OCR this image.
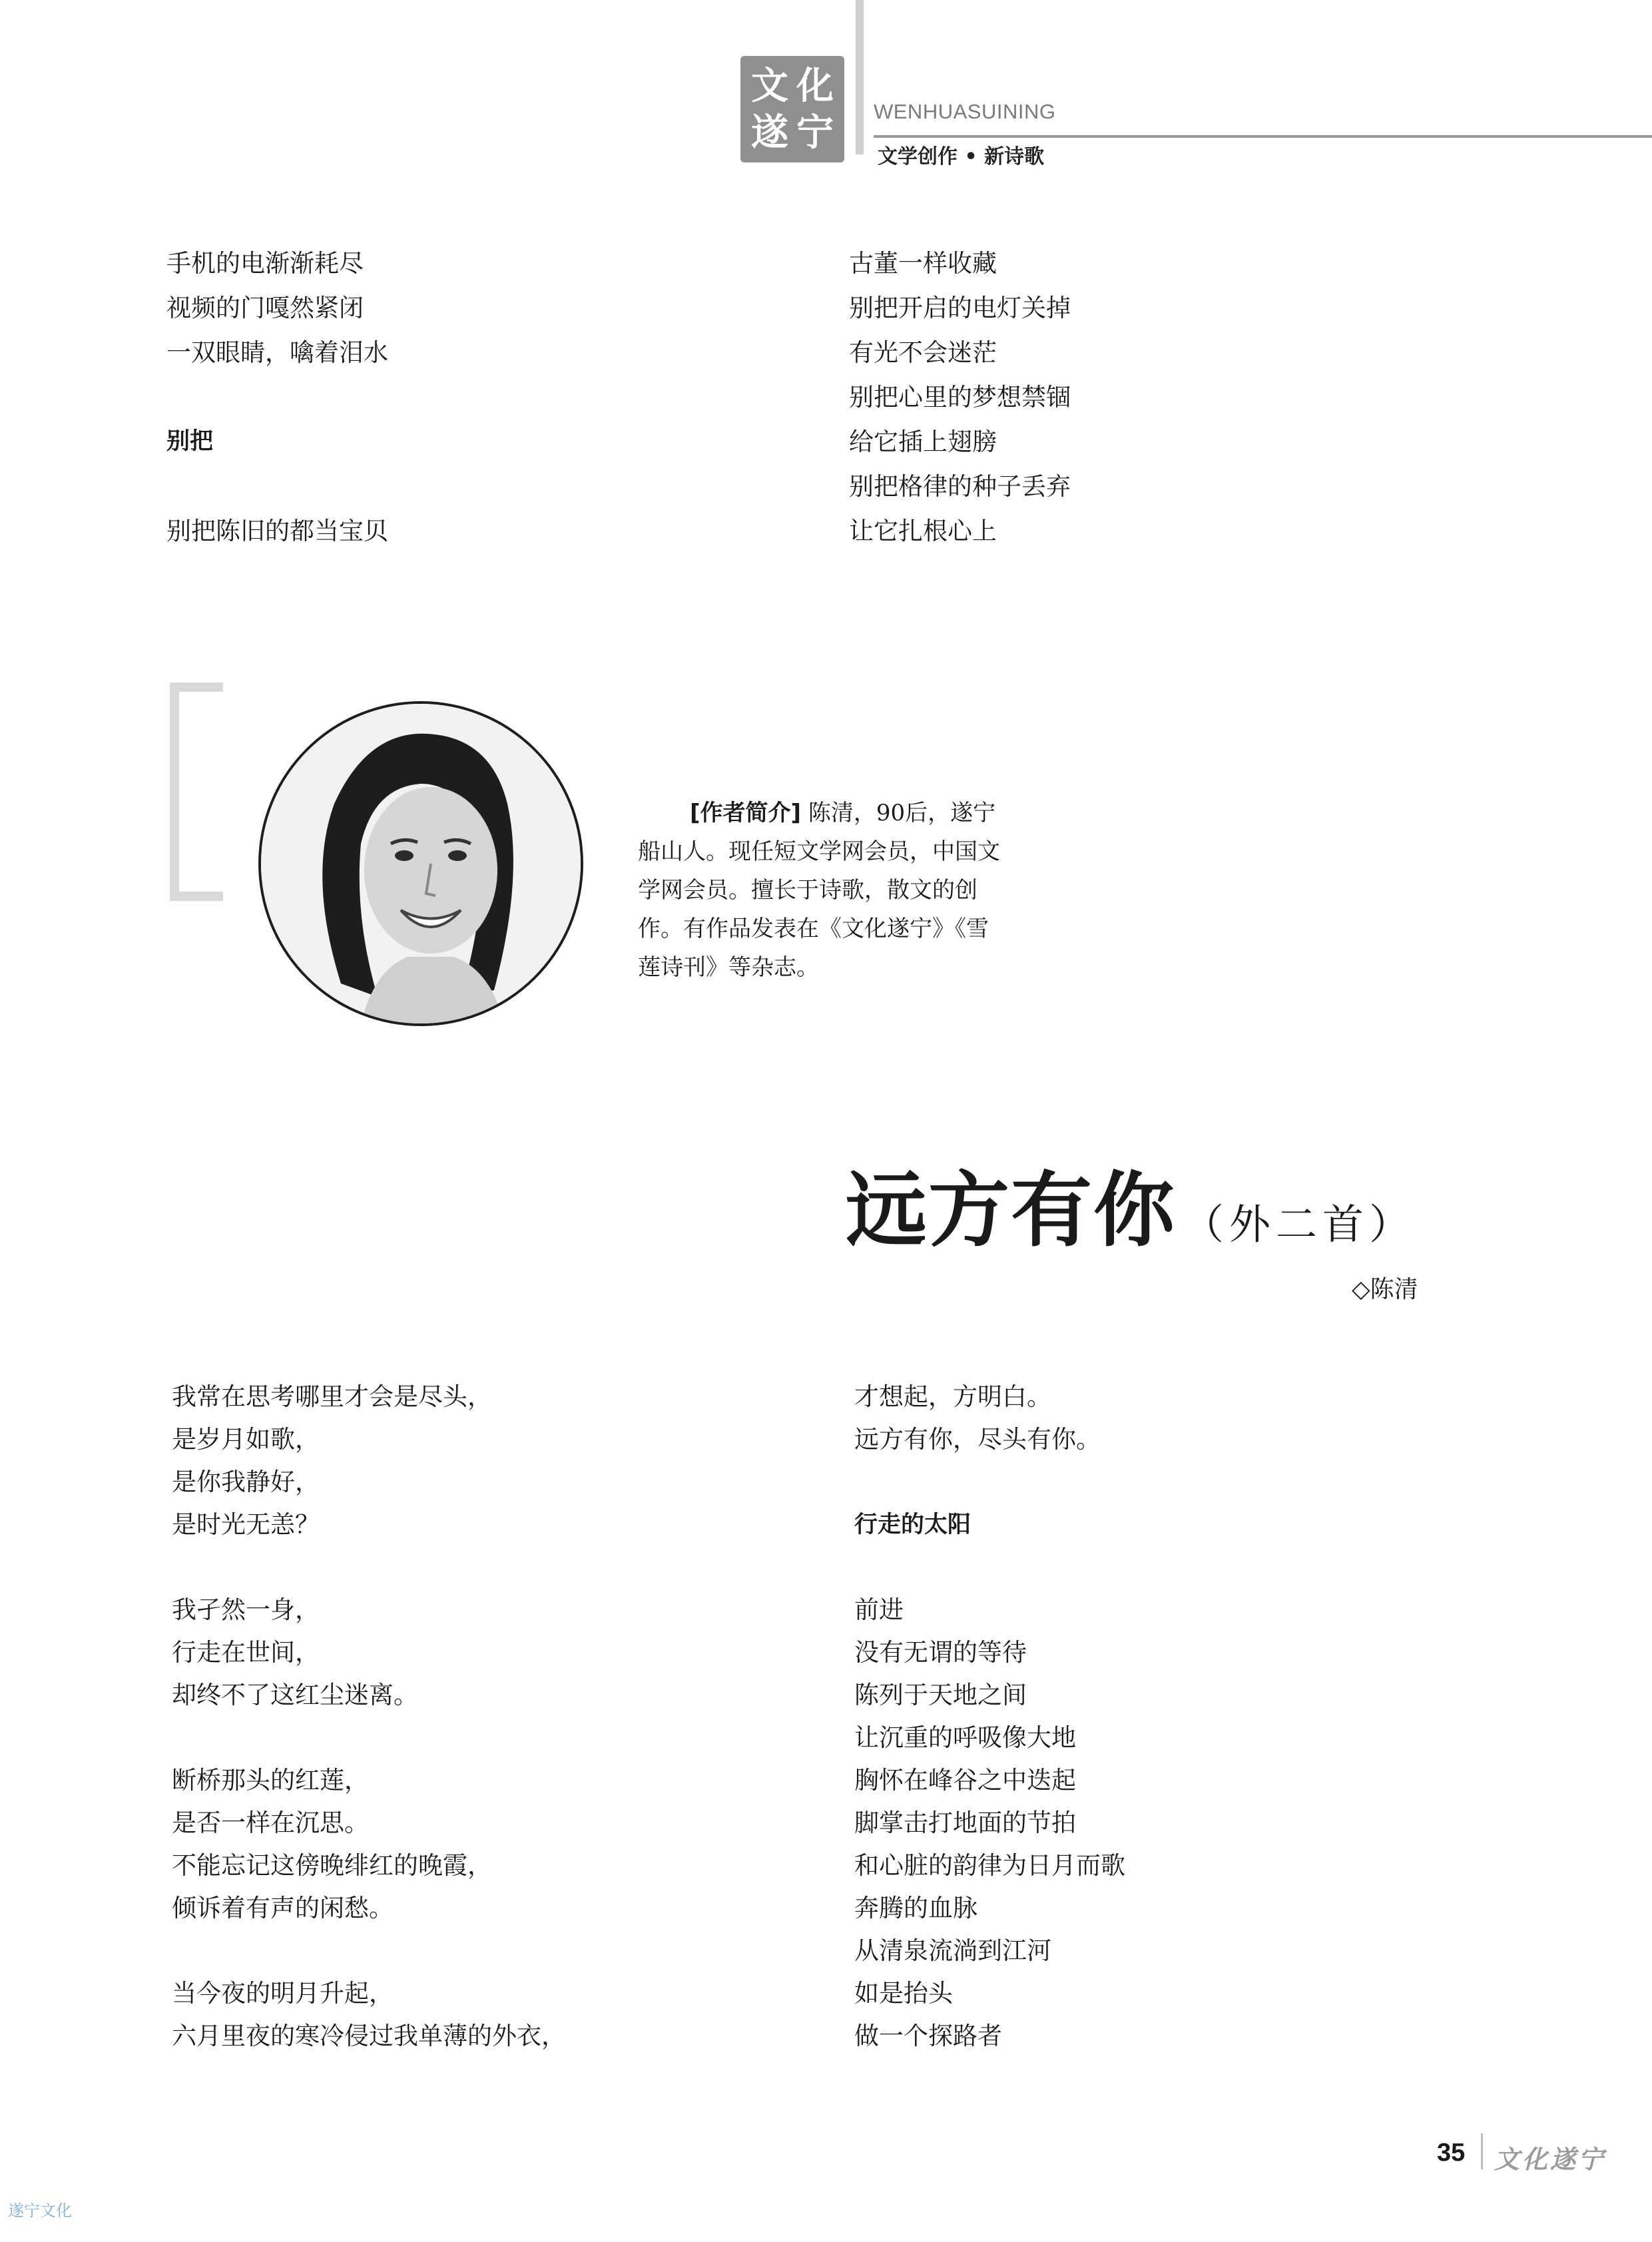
文 化
遂 宁 WENHUASUINING
文学创作 • 新诗歌
手机的电渐渐耗尽
视频的门嘎然紧闭
一双眼睛，噙着泪水
别把
别把陈旧的都当宝贝
古董一样收藏
别把开启的电灯关掉
有光不会迷茫
别把心里的梦想禁锢
给它插上翅膀
别把格律的种子丢弃
让它扎根心上

[作者简介] 陈清，90后，遂宁船山人。现任短文学网会员，中国文学网会员。擅长于诗歌，散文的创作。有作品发表在《文化遂宁》《雪莲诗刊》等杂志。

远方有你 （外二首）
◇陈清
我常在思考哪里才会是尽头，
是岁月如歌，
是你我静好，
是时光无恙？
我孑然一身，
行走在世间，
却终不了这红尘迷离。
断桥那头的红莲，
是否一样在沉思。
不能忘记这傍晚绯红的晚霞，
倾诉着有声的闲愁。
当今夜的明月升起，
六月里夜的寒冷侵过我单薄的外衣，
才想起，方明白。
远方有你，尽头有你。
行走的太阳
前进
没有无谓的等待
陈列于天地之间
让沉重的呼吸像大地
胸怀在峰谷之中迭起
脚掌击打地面的节拍
和心脏的韵律为日月而歌
奔腾的血脉
从清泉流淌到江河
如是抬头
做一个探路者
35 文化遂宁
遂宁文化
